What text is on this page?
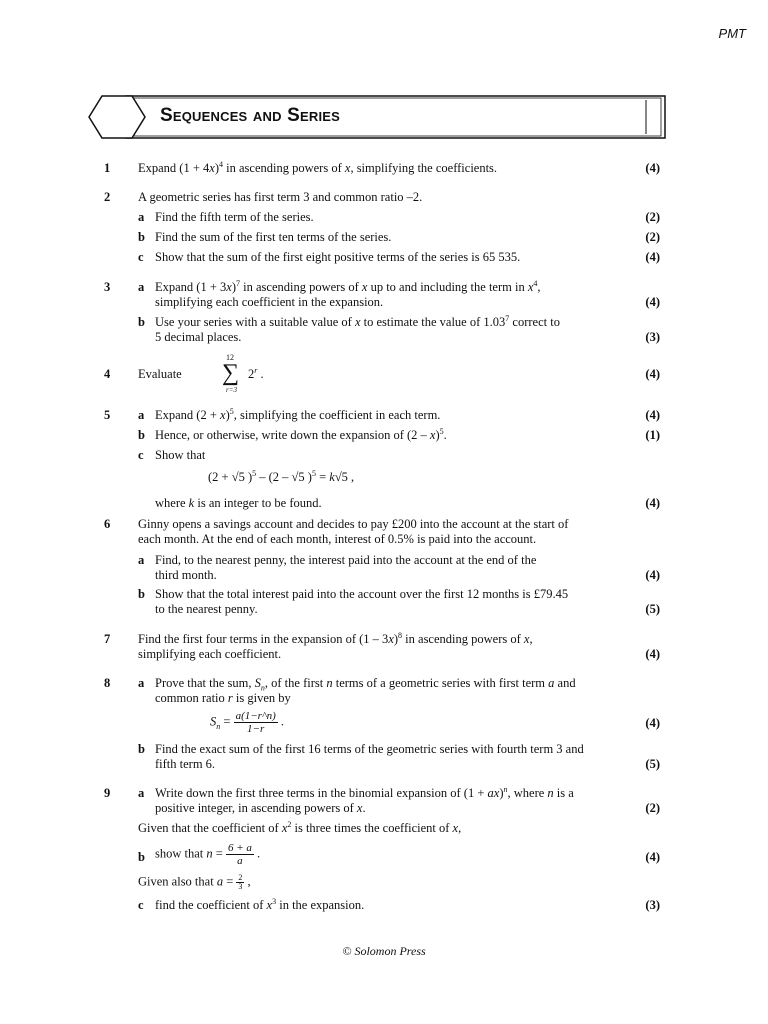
PMT
Sequences and Series
1	Expand $(1 + 4x)^4$ in ascending powers of x, simplifying the coefficients.	(4)
2	A geometric series has first term 3 and common ratio –2.
a Find the fifth term of the series.	(2)
b Find the sum of the first ten terms of the series.	(2)
c Show that the sum of the first eight positive terms of the series is 65 535.	(4)
3	a Expand $(1 + 3x)^7$ in ascending powers of x up to and including the term in $x^4$,
simplifying each coefficient in the expansion.	(4)
b Use your series with a suitable value of x to estimate the value of 1.03$^7$ correct to
5 decimal places.	(3)
4	Evaluate
12
∑
r=3
2$^r$ .	(4)
5	a Expand $(2 + x)^5$, simplifying the coefficient in each term.	(4)
b Hence, or otherwise, write down the expansion of (2 – x)$^5$.	(1)
c Show that
(2 + √5 )$^5$ – (2 – √5 )$^5$ = k√5 ,
where k is an integer to be found.	(4)
6	Ginny opens a savings account and decides to pay £200 into the account at the start of
each month. At the end of each month, interest of 0.5% is paid into the account.
a Find, to the nearest penny, the interest paid into the account at the end of the
third month.	(4)
b Show that the total interest paid into the account over the first 12 months is £79.45
to the nearest penny.	(5)
7	Find the first four terms in the expansion of (1 – 3x)$^8$ in ascending powers of x,
simplifying each coefficient.	(4)
8	a Prove that the sum, $S_n$, of the first n terms of a geometric series with first term a and
common ratio r is given by
$S_n = \frac{a(1-r\^{}n)}{1-r}$ .	(4)
b Find the exact sum of the first 16 terms of the geometric series with fourth term 3 and
fifth term 6.	(5)
9	a Write down the first three terms in the binomial expansion of (1 + ax)$^n$, where n is a
positive integer, in ascending powers of x.	(2)
Given that the coefficient of $x^2$ is three times the coefficient of x,
b show that $n = \frac{6 + a}{a}$ .	(4)
Given also that $a = \frac{2}{3}$ ,
c find the coefficient of $x^3$ in the expansion.	(3)
© Solomon Press
